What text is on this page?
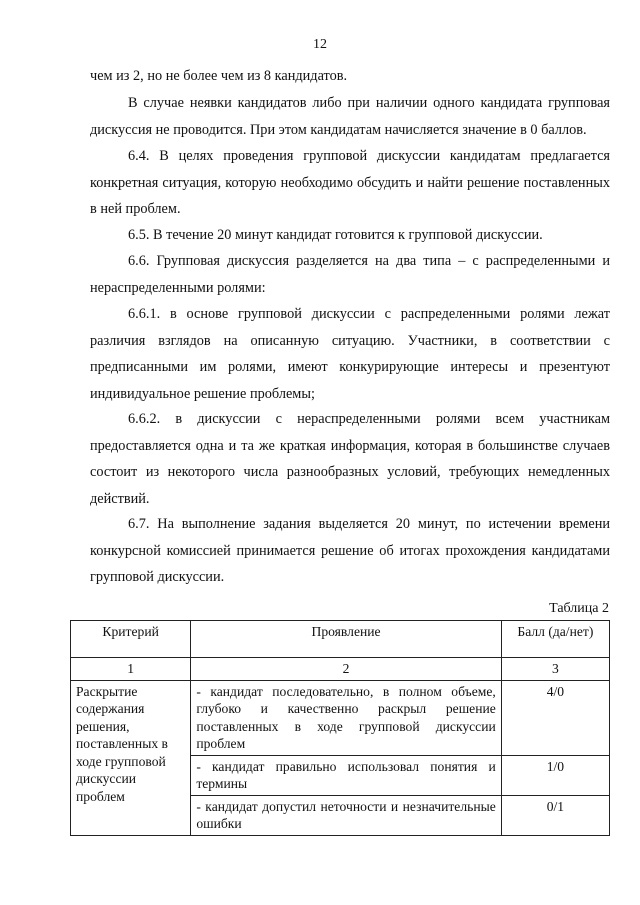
12

чем из 2, но не более чем из 8 кандидатов.

В случае неявки кандидатов либо при наличии одного кандидата групповая дискуссия не проводится. При этом кандидатам начисляется значение в 0 баллов.

6.4. В целях проведения групповой дискуссии кандидатам предлагается конкретная ситуация, которую необходимо обсудить и найти решение поставленных в ней проблем.

6.5. В течение 20 минут кандидат готовится к групповой дискуссии.

6.6. Групповая дискуссия разделяется на два типа – с распределенными и нераспределенными ролями:

6.6.1. в основе групповой дискуссии с распределенными ролями лежат различия взглядов на описанную ситуацию. Участники, в соответствии с предписанными им ролями, имеют конкурирующие интересы и презентуют индивидуальное решение проблемы;

6.6.2. в дискуссии с нераспределенными ролями всем участникам предоставляется одна и та же краткая информация, которая в большинстве случаев состоит из некоторого числа разнообразных условий, требующих немедленных действий.

6.7. На выполнение задания выделяется 20 минут, по истечении времени конкурсной комиссией принимается решение об итогах прохождения кандидатами групповой дискуссии.

Таблица 2
Критерий	Проявление	Балл (да/нет)
1	2	3
Раскрытие содержания решения, поставленных в ходе групповой дискуссии проблем	- кандидат последовательно, в полном объеме, глубоко и качественно раскрыл решение поставленных в ходе групповой дискуссии проблем	4/0
	- кандидат правильно использовал понятия и термины	1/0
	- кандидат допустил неточности и незначительные ошибки	0/1
